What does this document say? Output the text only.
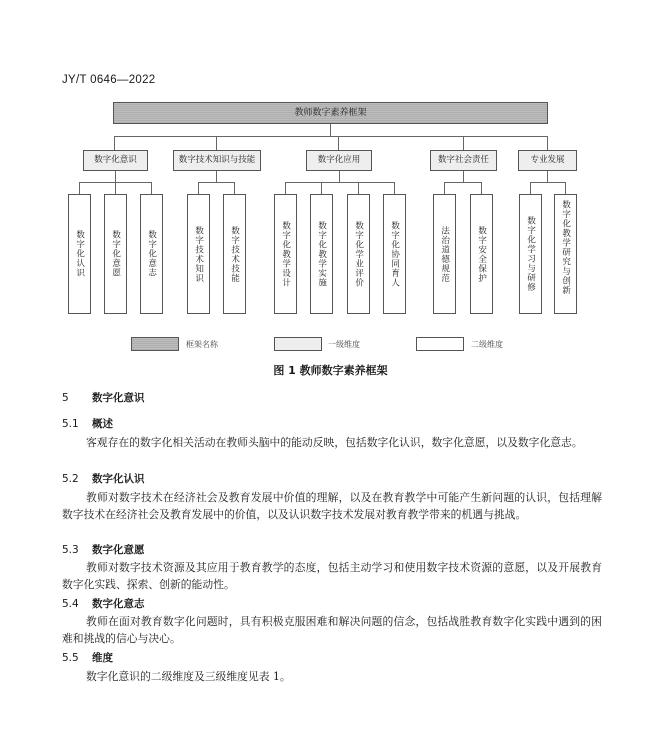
JY/T 0646—2022
教师数字素养框架
数字化意识	数字技术知识与技能	数字化应用	数字社会责任	专业发展
数字化认识	数字化意愿	数字化意志	数字技术知识	数字技术技能	数字化教学设计	数字化教学实施	数字化学业评价	数字化协同育人	法治道德规范	数字安全保护	数字化学习与研修	数字化教学研究与创新
框架名称	一级维度	二级维度
图 1 教师数字素养框架
5 数字化意识
5.1 概述
客观存在的数字化相关活动在教师头脑中的能动反映，包括数字化认识，数字化意愿，以及数字化意志。
5.2 数字化认识
教师对数字技术在经济社会及教育发展中价值的理解，以及在教育教学中可能产生新问题的认识，包括理解数字技术在经济社会及教育发展中的价值，以及认识数字技术发展对教育教学带来的机遇与挑战。
5.3 数字化意愿
教师对数字技术资源及其应用于教育教学的态度，包括主动学习和使用数字技术资源的意愿，以及开展教育数字化实践、探索、创新的能动性。
5.4 数字化意志
教师在面对教育数字化问题时，具有积极克服困难和解决问题的信念，包括战胜教育数字化实践中遇到的困难和挑战的信心与决心。
5.5 维度
数字化意识的二级维度及三级维度见表 1。
